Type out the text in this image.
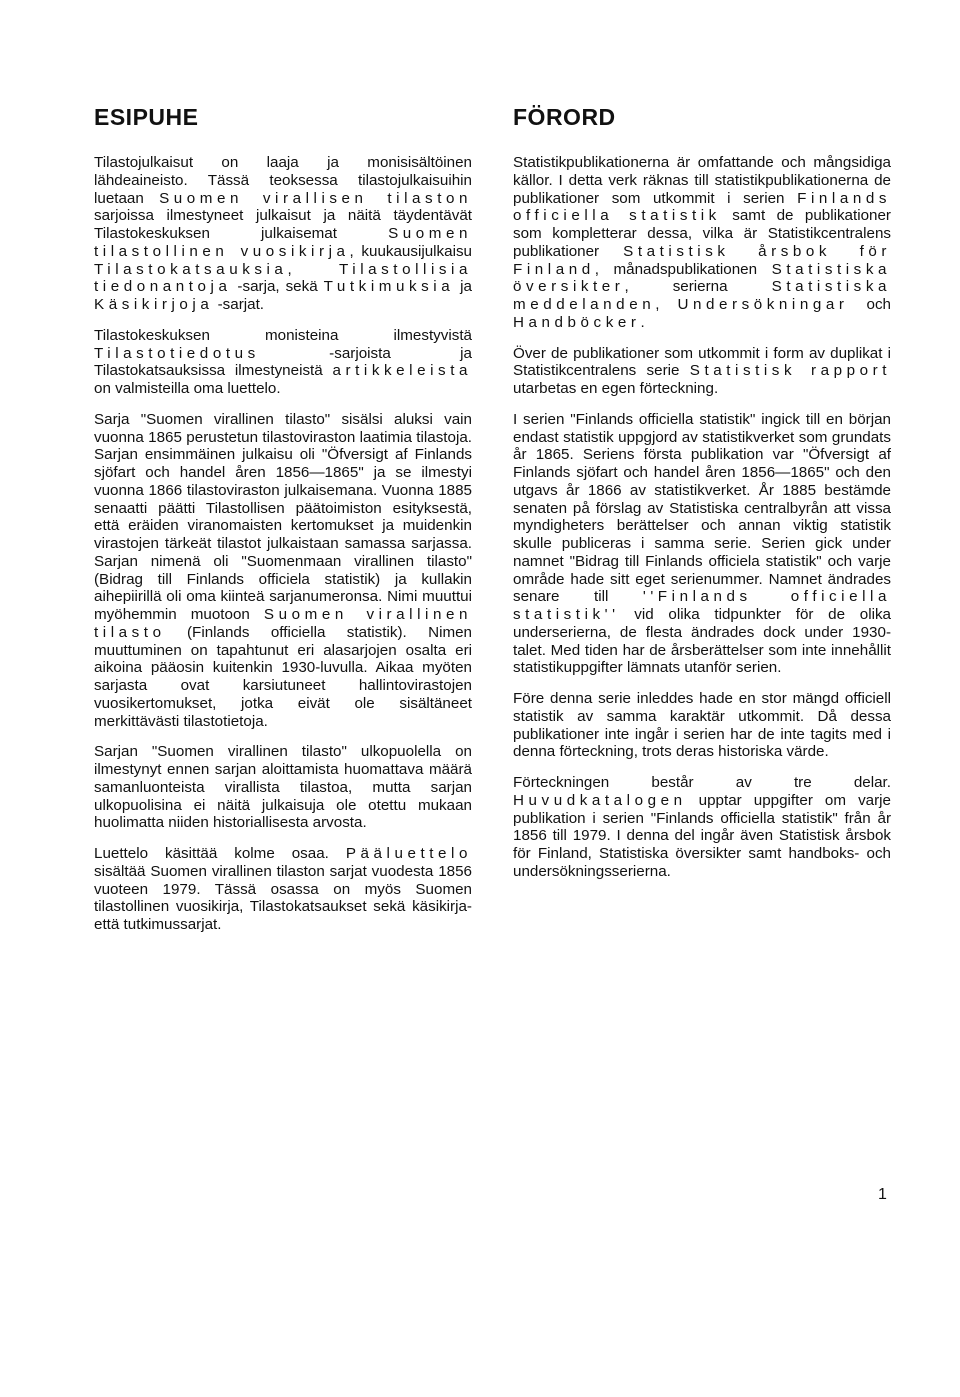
ESIPUHE

Tilastojulkaisut on laaja ja monisisältöinen lähdeaineisto. Tässä teoksessa tilastojulkaisuihin luetaan Suomen virallisen tilaston sarjoissa ilmestyneet julkaisut ja näitä täydentävät Tilastokeskuksen julkaisemat Suomen tilastollinen vuosikirja, kuukausijulkaisu Tilastokatsauksia, Tilastollisia tiedonantoja -sarja, sekä Tutkimuksia ja Käsikirjoja -sarjat.

Tilastokeskuksen monisteina ilmestyvistä Tilastotiedotus -sarjoista ja Tilastokatsauksissa ilmestyneistä artikkeleista on valmisteilla oma luettelo.

Sarja "Suomen virallinen tilasto" sisälsi aluksi vain vuonna 1865 perustetun tilastoviraston laatimia tilastoja. Sarjan ensimmäinen julkaisu oli "Öfversigt af Finlands sjöfart och handel åren 1856—1865" ja se ilmestyi vuonna 1866 tilastoviraston julkaisemana. Vuonna 1885 senaatti päätti Tilastollisen päätoimiston esityksestä, että eräiden viranomaisten kertomukset ja muidenkin virastojen tärkeät tilastot julkaistaan samassa sarjassa. Sarjan nimenä oli "Suomenmaan virallinen tilasto" (Bidrag till Finlands officiela statistik) ja kullakin aihepiirillä oli oma kiinteä sarjanumeronsa. Nimi muuttui myöhemmin muotoon Suomen virallinen tilasto (Finlands officiella statistik). Nimen muuttuminen on tapahtunut eri alasarjojen osalta eri aikoina pääosin kuitenkin 1930-luvulla. Aikaa myöten sarjasta ovat karsiutuneet hallintovirastojen vuosikertomukset, jotka eivät ole sisältäneet merkittävästi tilastotietoja.

Sarjan "Suomen virallinen tilasto" ulkopuolella on ilmestynyt ennen sarjan aloittamista huomattava määrä samanluonteista virallista tilastoa, mutta sarjan ulkopuolisina ei näitä julkaisuja ole otettu mukaan huolimatta niiden historiallisesta arvosta.

Luettelo käsittää kolme osaa. Pääluettelo sisältää Suomen virallinen tilaston sarjat vuodesta 1856 vuoteen 1979. Tässä osassa on myös Suomen tilastollinen vuosikirja, Tilastokatsaukset sekä käsikirja- että tutkimussarjat.

FÖRORD

Statistikpublikationerna är omfattande och mångsidiga källor. I detta verk räknas till statistikpublikationerna de publikationer som utkommit i serien Finlands officiella statistik samt de publikationer som kompletterar dessa, vilka är Statistikcentralens publikationer Statistisk årsbok för Finland, månadspublikationen Statistiska översikter, serierna Statistiska meddelanden, Undersökningar och Handböcker.

Över de publikationer som utkommit i form av duplikat i Statistikcentralens serie Statistisk rapport utarbetas en egen förteckning.

I serien "Finlands officiella statistik" ingick till en början endast statistik uppgjord av statistikverket som grundats år 1865. Seriens första publikation var "Öfversigt af Finlands sjöfart och handel åren 1856—1865" och den utgavs år 1866 av statistikverket. År 1885 bestämde senaten på förslag av Statistiska centralbyrån att vissa myndigheters berättelser och annan viktig statistik skulle publiceras i samma serie. Serien gick under namnet "Bidrag till Finlands officiela statistik" och varje område hade sitt eget serienummer. Namnet ändrades senare till ''Finlands officiella statistik'' vid olika tidpunkter för de olika underserierna, de flesta ändrades dock under 1930-talet. Med tiden har de årsberättelser som inte innehållit statistikuppgifter lämnats utanför serien.

Före denna serie inleddes hade en stor mängd officiell statistik av samma karaktär utkommit. Då dessa publikationer inte ingår i serien har de inte tagits med i denna förteckning, trots deras historiska värde.

Förteckningen består av tre delar. Huvudkatalogen upptar uppgifter om varje publikation i serien "Finlands officiella statistik" från år 1856 till 1979. I denna del ingår även Statistisk årsbok för Finland, Statistiska översikter samt handboks- och undersökningsserierna.

1
